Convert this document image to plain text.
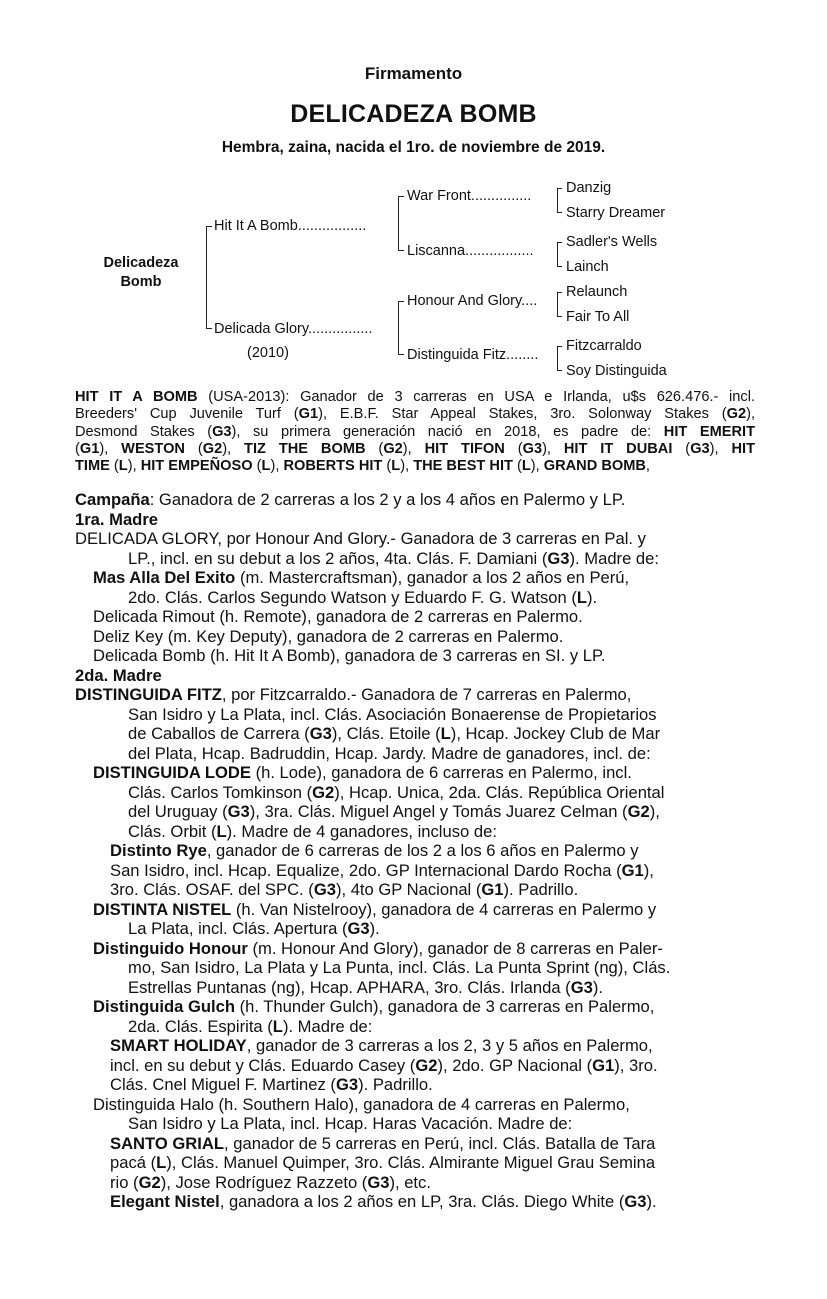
Firmamento
DELICADEZA BOMB
Hembra, zaina, nacida el 1ro. de noviembre de 2019.
Delicadeza
Bomb
Hit It A Bomb.................
Delicada Glory................
(2010)
War Front...............
Liscanna.................
Honour And Glory....
Distinguida Fitz........
Danzig
Starry Dreamer
Sadler's Wells
Lainch
Relaunch
Fair To All
Fitzcarraldo
Soy Distinguida
HIT IT A BOMB (USA-2013): Ganador de 3 carreras en USA e Irlanda, u$s 626.476.- incl.
Breeders' Cup Juvenile Turf (G1), E.B.F. Star Appeal Stakes, 3ro. Solonway Stakes (G2),
Desmond Stakes (G3), su primera generación nació en 2018, es padre de: HIT EMERIT
(G1), WESTON (G2), TIZ THE BOMB (G2), HIT TIFON (G3), HIT IT DUBAI (G3), HIT
TIME (L), HIT EMPEÑOSO (L), ROBERTS HIT (L), THE BEST HIT (L), GRAND BOMB,
Campaña: Ganadora de 2 carreras a los 2 y a los 4 años en Palermo y LP.
1ra. Madre
DELICADA GLORY, por Honour And Glory.- Ganadora de 3 carreras en Pal. y
LP., incl. en su debut a los 2 años, 4ta. Clás. F. Damiani (G3). Madre de:
Mas Alla Del Exito (m. Mastercraftsman), ganador a los 2 años en Perú,
2do. Clás. Carlos Segundo Watson y Eduardo F. G. Watson (L).
Delicada Rimout (h. Remote), ganadora de 2 carreras en Palermo.
Deliz Key (m. Key Deputy), ganadora de 2 carreras en Palermo.
Delicada Bomb (h. Hit It A Bomb), ganadora de 3 carreras en SI. y LP.
2da. Madre
DISTINGUIDA FITZ, por Fitzcarraldo.- Ganadora de 7 carreras en Palermo,
San Isidro y La Plata, incl. Clás. Asociación Bonaerense de Propietarios
de Caballos de Carrera (G3), Clás. Etoile (L), Hcap. Jockey Club de Mar
del Plata, Hcap. Badruddin, Hcap. Jardy. Madre de ganadores, incl. de:
DISTINGUIDA LODE (h. Lode), ganadora de 6 carreras en Palermo, incl.
Clás. Carlos Tomkinson (G2), Hcap. Unica, 2da. Clás. República Oriental
del Uruguay (G3), 3ra. Clás. Miguel Angel y Tomás Juarez Celman (G2),
Clás. Orbit (L). Madre de 4 ganadores, incluso de:
Distinto Rye, ganador de 6 carreras de los 2 a los 6 años en Palermo y
San Isidro, incl. Hcap. Equalize, 2do. GP Internacional Dardo Rocha (G1),
3ro. Clás. OSAF. del SPC. (G3), 4to GP Nacional (G1). Padrillo.
DISTINTA NISTEL (h. Van Nistelrooy), ganadora de 4 carreras en Palermo y
La Plata, incl. Clás. Apertura (G3).
Distinguido Honour (m. Honour And Glory), ganador de 8 carreras en Paler-
mo, San Isidro, La Plata y La Punta, incl. Clás. La Punta Sprint (ng), Clás.
Estrellas Puntanas (ng), Hcap. APHARA, 3ro. Clás. Irlanda (G3).
Distinguida Gulch (h. Thunder Gulch), ganadora de 3 carreras en Palermo,
2da. Clás. Espirita (L). Madre de:
SMART HOLIDAY, ganador de 3 carreras a los 2, 3 y 5 años en Palermo,
incl. en su debut y Clás. Eduardo Casey (G2), 2do. GP Nacional (G1), 3ro.
Clás. Cnel Miguel F. Martinez (G3). Padrillo.
Distinguida Halo (h. Southern Halo), ganadora de 4 carreras en Palermo,
San Isidro y La Plata, incl. Hcap. Haras Vacación. Madre de:
SANTO GRIAL, ganador de 5 carreras en Perú, incl. Clás. Batalla de Tara
pacá (L), Clás. Manuel Quimper, 3ro. Clás. Almirante Miguel Grau Semina
rio (G2), Jose Rodríguez Razzeto (G3), etc.
Elegant Nistel, ganadora a los 2 años en LP, 3ra. Clás. Diego White (G3).
